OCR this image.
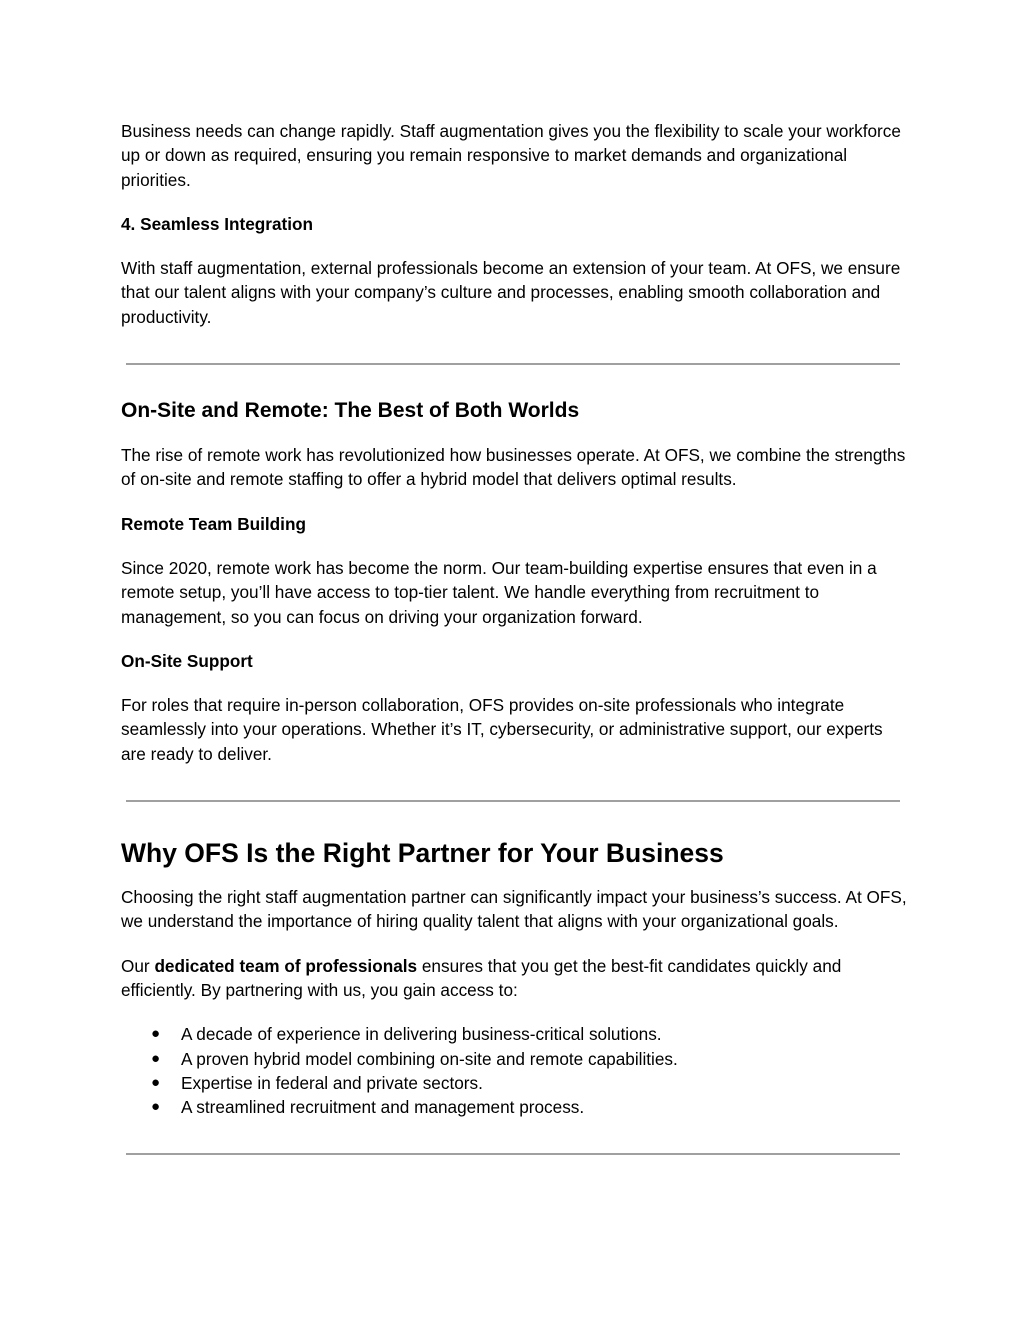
Business needs can change rapidly. Staff augmentation gives you the flexibility to scale your workforce up or down as required, ensuring you remain responsive to market demands and organizational priorities.

4. Seamless Integration

With staff augmentation, external professionals become an extension of your team. At OFS, we ensure that our talent aligns with your company’s culture and processes, enabling smooth collaboration and productivity.

On-Site and Remote: The Best of Both Worlds

The rise of remote work has revolutionized how businesses operate. At OFS, we combine the strengths of on-site and remote staffing to offer a hybrid model that delivers optimal results.

Remote Team Building

Since 2020, remote work has become the norm. Our team-building expertise ensures that even in a remote setup, you’ll have access to top-tier talent. We handle everything from recruitment to management, so you can focus on driving your organization forward.

On-Site Support

For roles that require in-person collaboration, OFS provides on-site professionals who integrate seamlessly into your operations. Whether it’s IT, cybersecurity, or administrative support, our experts are ready to deliver.

Why OFS Is the Right Partner for Your Business

Choosing the right staff augmentation partner can significantly impact your business’s success. At OFS, we understand the importance of hiring quality talent that aligns with your organizational goals.

Our dedicated team of professionals ensures that you get the best-fit candidates quickly and efficiently. By partnering with us, you gain access to:

● A decade of experience in delivering business-critical solutions.
● A proven hybrid model combining on-site and remote capabilities.
● Expertise in federal and private sectors.
● A streamlined recruitment and management process.
